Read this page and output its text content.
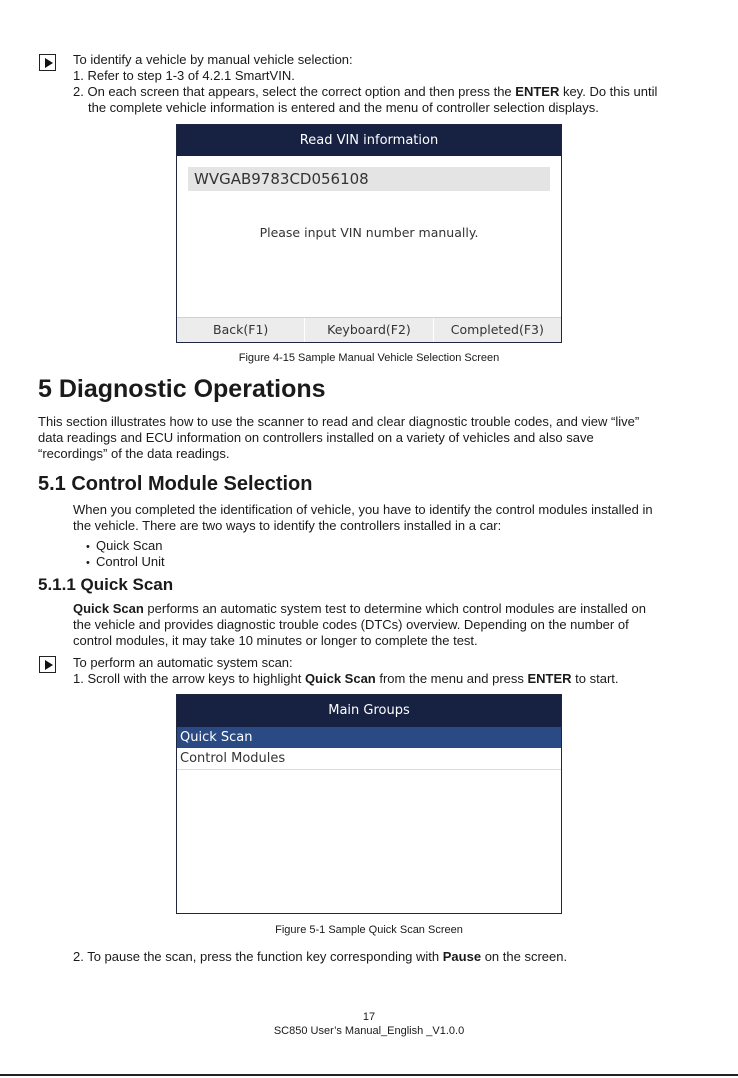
To identify a vehicle by manual vehicle selection:
1. Refer to step 1-3 of 4.2.1 SmartVIN.
2. On each screen that appears, select the correct option and then press the ENTER key. Do this until
the complete vehicle information is entered and the menu of controller selection displays.
Read VIN information
WVGAB9783CD056108
Please input VIN number manually.
Back(F1)	Keyboard(F2)	Completed(F3)
Figure 4-15 Sample Manual Vehicle Selection Screen
5 Diagnostic Operations
This section illustrates how to use the scanner to read and clear diagnostic trouble codes, and view “live”
data readings and ECU information on controllers installed on a variety of vehicles and also save
“recordings” of the data readings.
5.1 Control Module Selection
When you completed the identification of vehicle, you have to identify the control modules installed in
the vehicle. There are two ways to identify the controllers installed in a car:
• Quick Scan
• Control Unit
5.1.1 Quick Scan
Quick Scan performs an automatic system test to determine which control modules are installed on
the vehicle and provides diagnostic trouble codes (DTCs) overview. Depending on the number of
control modules, it may take 10 minutes or longer to complete the test.
To perform an automatic system scan:
1. Scroll with the arrow keys to highlight Quick Scan from the menu and press ENTER to start.
Main Groups
Quick Scan
Control Modules
Figure 5-1 Sample Quick Scan Screen
2. To pause the scan, press the function key corresponding with Pause on the screen.
17
SC850 User’s Manual_English _V1.0.0
